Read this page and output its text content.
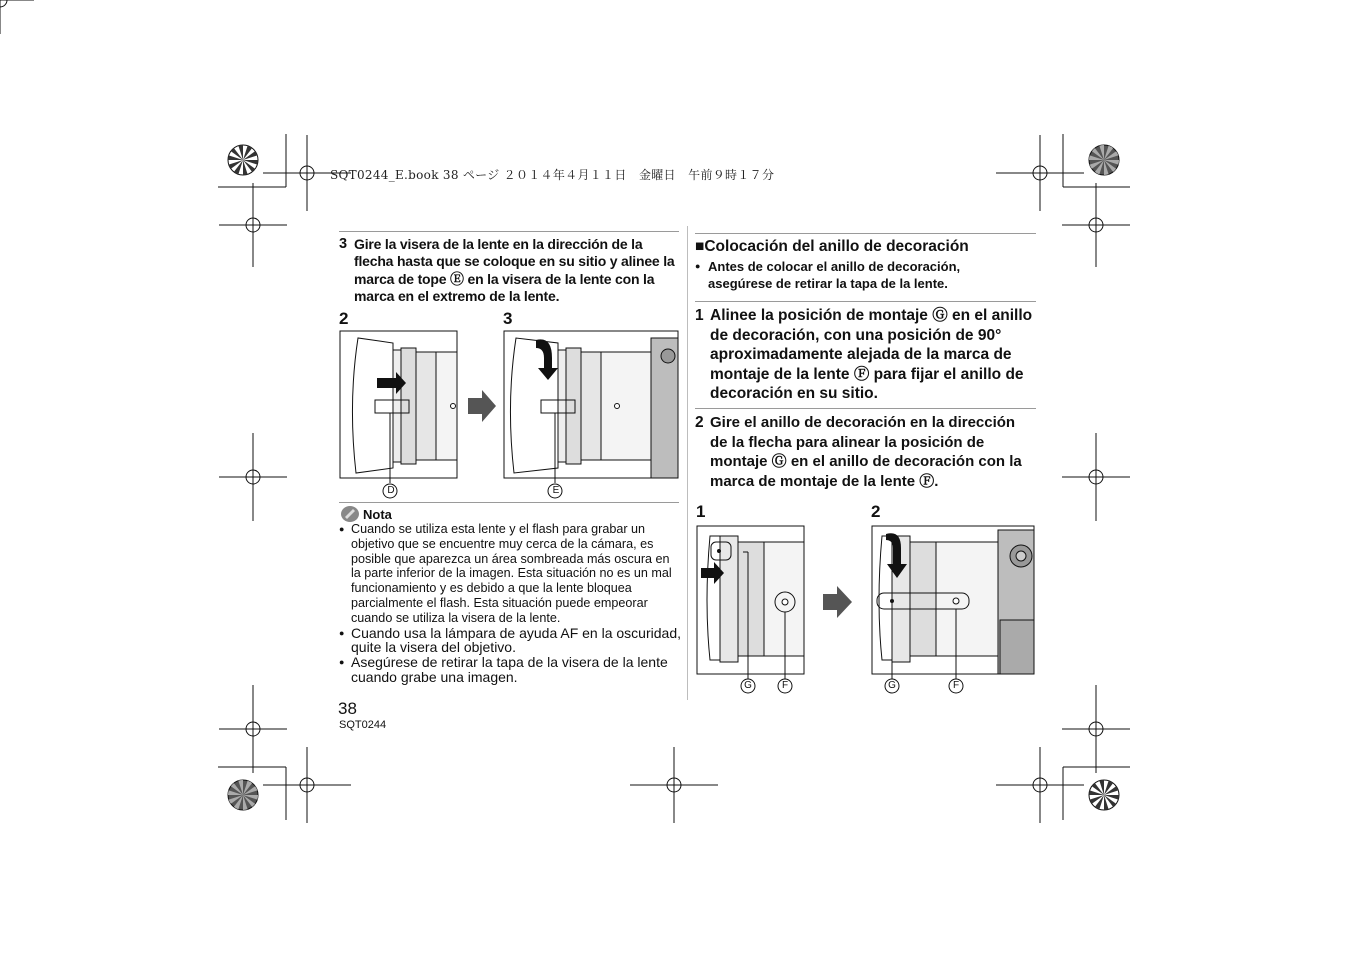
SQT0244_E.book 38 ページ ２０１４年４月１１日　金曜日　午前９時１７分
3 Gire la visera de la lente en la dirección de la flecha hasta que se coloque en su sitio y alinee la marca de tope Ⓔ en la visera de la lente con la marca en el extremo de la lente.
2	3
D	E
Nota
● Cuando se utiliza esta lente y el flash para grabar un objetivo que se encuentre muy cerca de la cámara, es posible que aparezca un área sombreada más oscura en la parte inferior de la imagen. Esta situación no es un mal funcionamiento y es debido a que la lente bloquea parcialmente el flash. Esta situación puede empeorar cuando se utiliza la visera de la lente.
● Cuando usa la lámpara de ayuda AF en la oscuridad, quite la visera del objetivo.
● Asegúrese de retirar la tapa de la visera de la lente cuando grabe una imagen.
38
SQT0244
■Colocación del anillo de decoración
● Antes de colocar el anillo de decoración, asegúrese de retirar la tapa de la lente.
1 Alinee la posición de montaje Ⓖ en el anillo de decoración, con una posición de 90° aproximadamente alejada de la marca de montaje de la lente Ⓕ para fijar el anillo de decoración en su sitio.
2 Gire el anillo de decoración en la dirección de la flecha para alinear la posición de montaje Ⓖ en el anillo de decoración con la marca de montaje de la lente Ⓕ.
1	2
G	F	G	F
